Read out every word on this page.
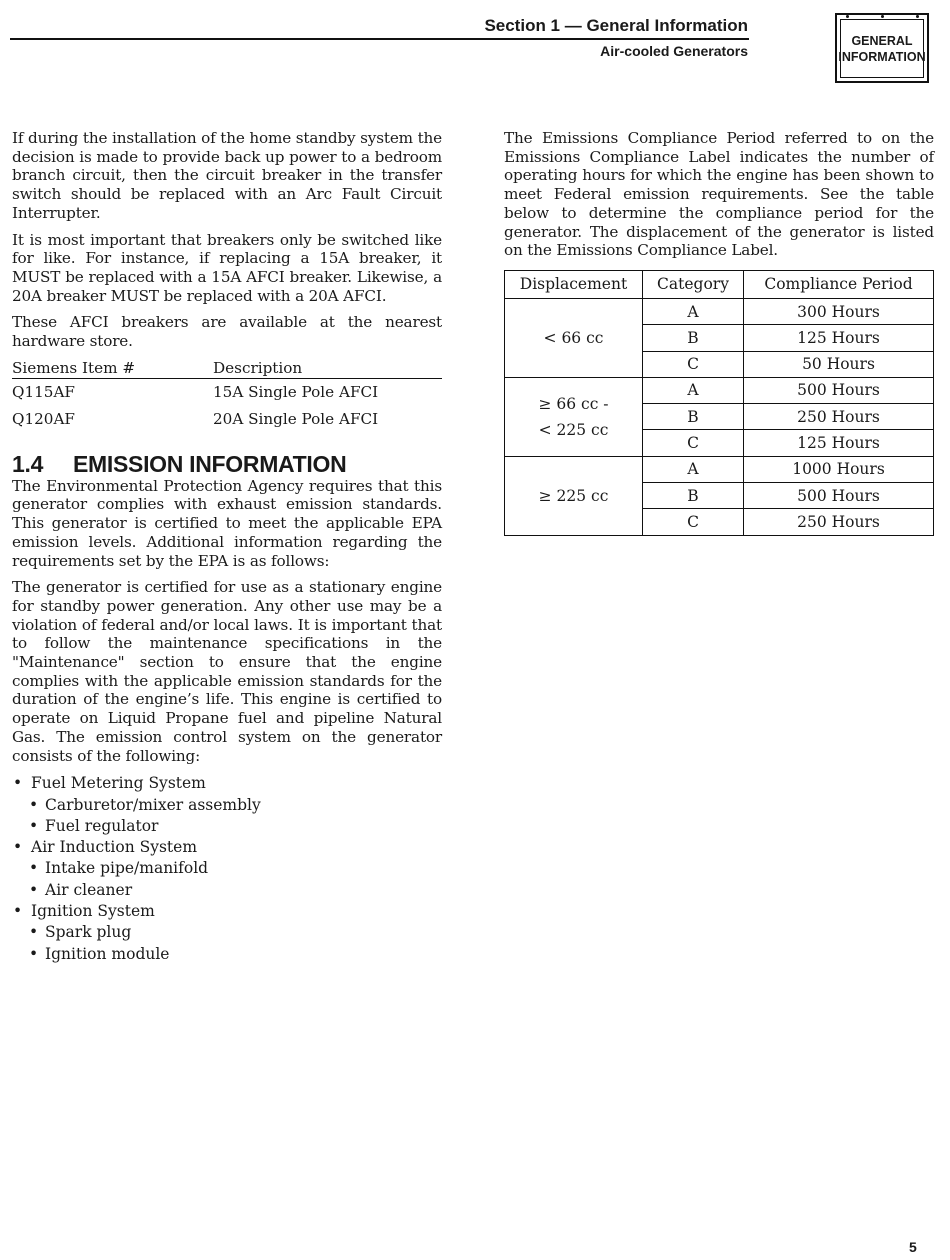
Section 1 — General Information
Air-cooled Generators
GENERAL
INFORMATION

If during the installation of the home standby system the decision is made to provide back up power to a bedroom branch circuit, then the circuit breaker in the transfer switch should be replaced with an Arc Fault Circuit Interrupter.

It is most important that breakers only be switched like for like. For instance, if replacing a 15A breaker, it MUST be replaced with a 15A AFCI breaker. Likewise, a 20A breaker MUST be replaced with a 20A AFCI.

These AFCI breakers are available at the nearest hardware store.

Siemens Item #	Description
Q115AF	15A Single Pole AFCI
Q120AF	20A Single Pole AFCI
1.4	EMISSION INFORMATION

The Environmental Protection Agency requires that this generator complies with exhaust emission standards. This generator is certified to meet the applicable EPA emission levels. Additional information regarding the requirements set by the EPA is as follows:

The generator is certified for use as a stationary engine for standby power generation. Any other use may be a violation of federal and/or local laws. It is important that to follow the maintenance specifications in the "Maintenance" section to ensure that the engine complies with the applicable emission standards for the duration of the engine’s life. This engine is certified to operate on Liquid Propane fuel and pipeline Natural Gas. The emission control system on the generator consists of the following:

• Fuel Metering System
• Carburetor/mixer assembly
• Fuel regulator
• Air Induction System
• Intake pipe/manifold
• Air cleaner
• Ignition System
• Spark plug
• Ignition module

The Emissions Compliance Period referred to on the Emissions Compliance Label indicates the number of operating hours for which the engine has been shown to meet Federal emission requirements. See the table below to determine the compliance period for the generator. The displacement of the generator is listed on the Emissions Compliance Label.

Displacement	Category	Compliance Period
< 66 cc	A	300 Hours
	B	125 Hours
	C	50 Hours

≥ 66 cc -
< 225 cc	A	500 Hours
	B	250 Hours
	C	125 Hours
≥ 225 cc	A	1000 Hours
	B	500 Hours
	C	250 Hours
5
